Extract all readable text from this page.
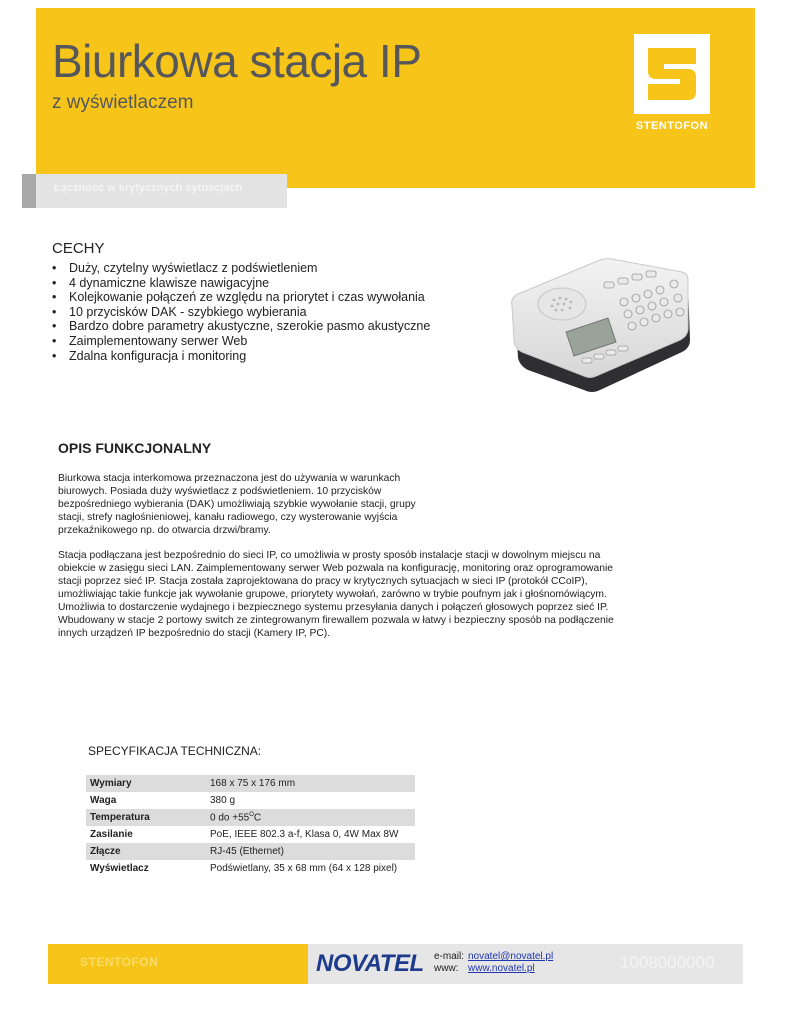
Biurkowa stacja IP
z wyświetlaczem
STENTOFON
Łączność w krytycznych sytuacjach
CECHY
• Duży, czytelny wyświetlacz z podświetleniem
• 4 dynamiczne klawisze nawigacyjne
• Kolejkowanie połączeń ze względu na priorytet i czas wywołania
• 10 przycisków DAK - szybkiego wybierania
• Bardzo dobre parametry akustyczne, szerokie pasmo akustyczne
• Zaimplementowany serwer Web
• Zdalna konfiguracja i monitoring
OPIS FUNKCJONALNY
Biurkowa stacja interkomowa przeznaczona jest do używania w warunkach
biurowych. Posiada duży wyświetlacz z podświetleniem. 10 przycisków
bezpośredniego wybierania (DAK) umożliwiają szybkie wywołanie stacji, grupy
stacji, strefy nagłośnieniowej, kanału radiowego, czy wysterowanie wyjścia
przekaźnikowego np. do otwarcia drzwi/bramy.
Stacja podłączana jest bezpośrednio do sieci IP, co umożliwia w prosty sposób instalacje stacji w dowolnym miejscu na
obiekcie w zasięgu sieci LAN. Zaimplementowany serwer Web pozwala na konfigurację, monitoring oraz oprogramowanie
stacji poprzez sieć IP. Stacja została zaprojektowana do pracy w krytycznych sytuacjach w sieci IP (protokół CCoIP),
umożliwiając takie funkcje jak wywołanie grupowe, priorytety wywołań, zarówno w trybie poufnym jak i głośnomówiącym.
Umożliwia to dostarczenie wydajnego i bezpiecznego systemu przesyłania danych i połączeń głosowych poprzez sieć IP.
Wbudowany w stacje 2 portowy switch ze zintegrowanym firewallem pozwala w łatwy i bezpieczny sposób na podłączenie
innych urządzeń IP bezpośrednio do stacji (Kamery IP, PC).
SPECYFIKACJA TECHNICZNA:
Wymiary	168 x 75 x 176 mm
Waga	380 g
Temperatura	0 do $+55^OC$
Zasilanie	PoE, IEEE 802.3 a-f, Klasa 0, 4W Max 8W
Złącze	RJ-45 (Ethernet)
Wyświetlacz	Podświetlany, 35 x 68 mm (64 x 128 pixel)
STENTOFON	NOVATEL e-mail: novatel@novatel.pl
www: www.novatel.pl	1008000000
